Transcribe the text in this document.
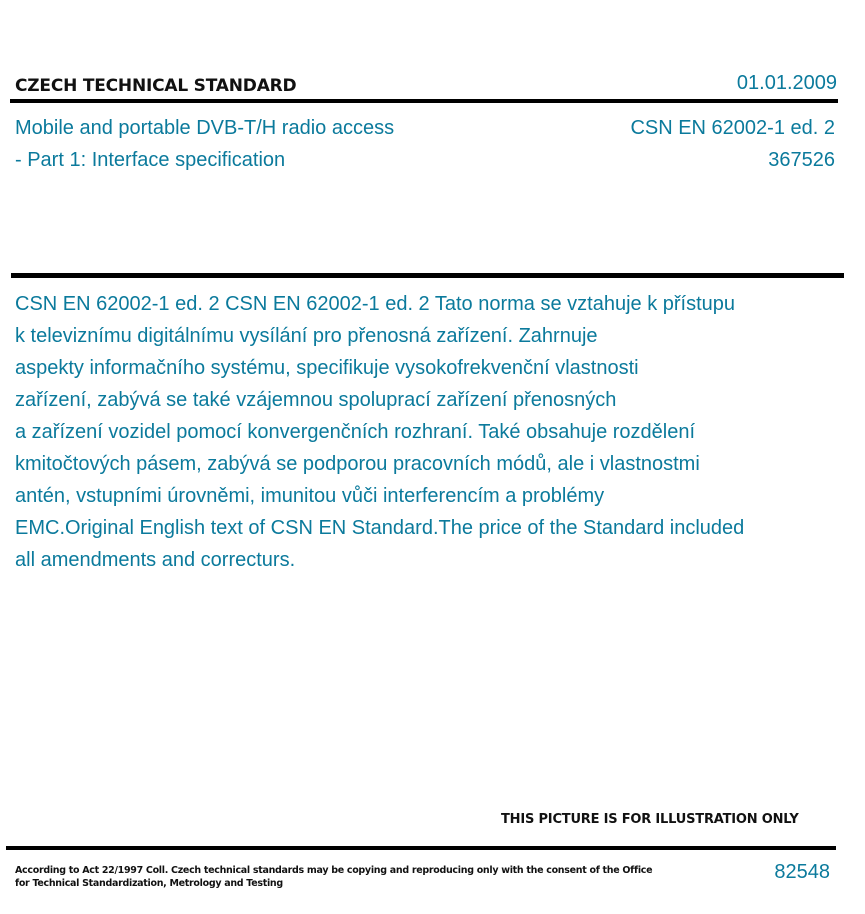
CZECH TECHNICAL STANDARD	01.01.2009
Mobile and portable DVB-T/H radio access
- Part 1: Interface specification
CSN EN 62002-1 ed. 2
367526

CSN EN 62002-1 ed. 2 CSN EN 62002-1 ed. 2 Tato norma se vztahuje k přístupu

k televiznímu digitálnímu vysílání pro přenosná zařízení. Zahrnuje

aspekty informačního systému, specifikuje vysokofrekvenční vlastnosti

zařízení, zabývá se také vzájemnou spoluprací zařízení přenosných

a zařízení vozidel pomocí konvergenčních rozhraní. Také obsahuje rozdělení

kmitočtových pásem, zabývá se podporou pracovních módů, ale i vlastnostmi

antén, vstupními úrovněmi, imunitou vůči interferencím a problémy

EMC.Original English text of CSN EN Standard.The price of the Standard included

all amendments and correcturs.

THIS PICTURE IS FOR ILLUSTRATION ONLY
According to Act 22/1997 Coll. Czech technical standards may be copying and reproducing only with the consent of the Office
for Technical Standardization, Metrology and Testing
82548
